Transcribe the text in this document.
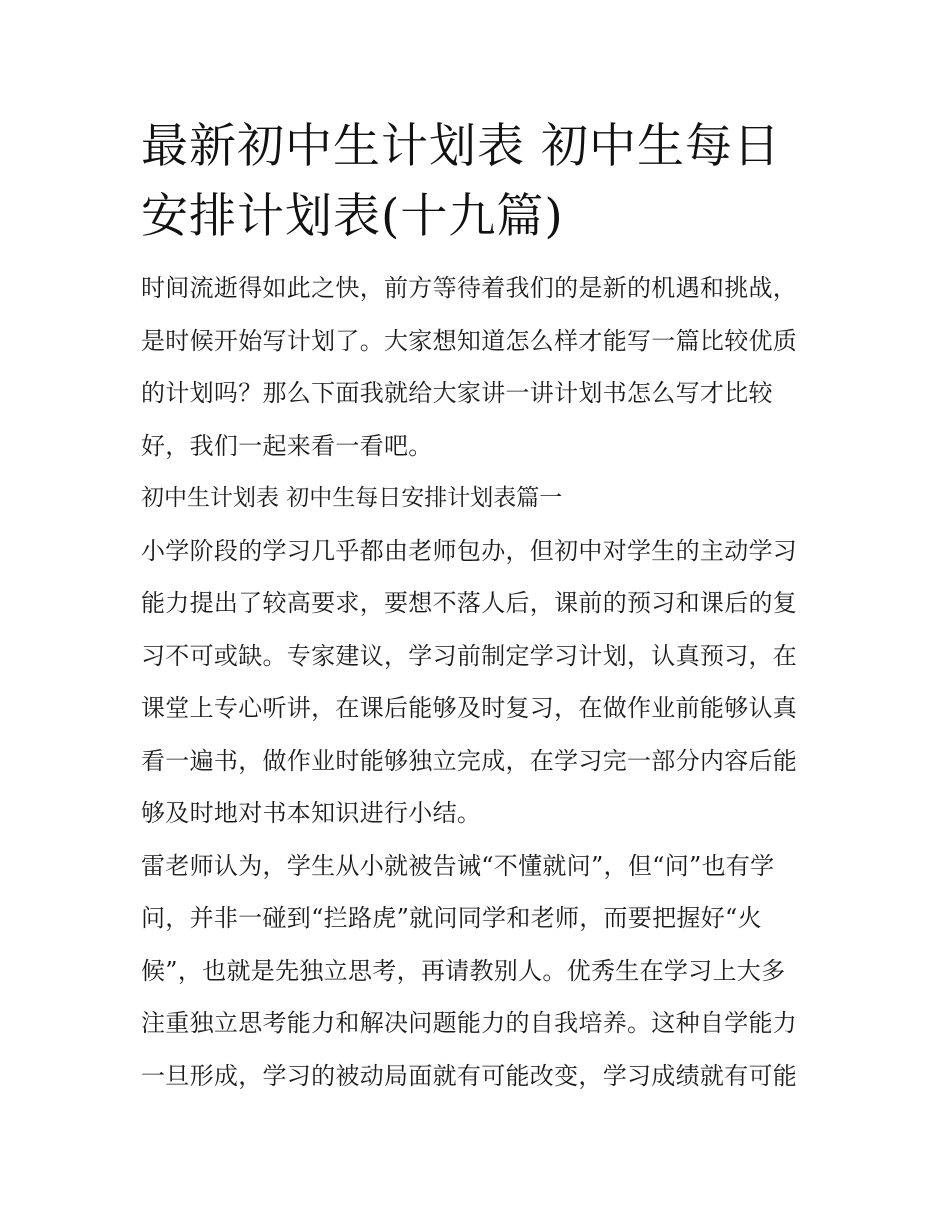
最新初中生计划表 初中生每日
安排计划表(十九篇)
时间流逝得如此之快，前方等待着我们的是新的机遇和挑战，
是时候开始写计划了。大家想知道怎么样才能写一篇比较优质
的计划吗？那么下面我就给大家讲一讲计划书怎么写才比较
好，我们一起来看一看吧。
初中生计划表 初中生每日安排计划表篇一
小学阶段的学习几乎都由老师包办，但初中对学生的主动学习
能力提出了较高要求，要想不落人后，课前的预习和课后的复
习不可或缺。专家建议，学习前制定学习计划，认真预习，在
课堂上专心听讲，在课后能够及时复习，在做作业前能够认真
看一遍书，做作业时能够独立完成，在学习完一部分内容后能
够及时地对书本知识进行小结。
雷老师认为，学生从小就被告诫“不懂就问”，但“问”也有学
问，并非一碰到“拦路虎”就问同学和老师，而要把握好“火
候”，也就是先独立思考，再请教别人。优秀生在学习上大多
注重独立思考能力和解决问题能力的自我培养。这种自学能力
一旦形成，学习的被动局面就有可能改变，学习成绩就有可能
